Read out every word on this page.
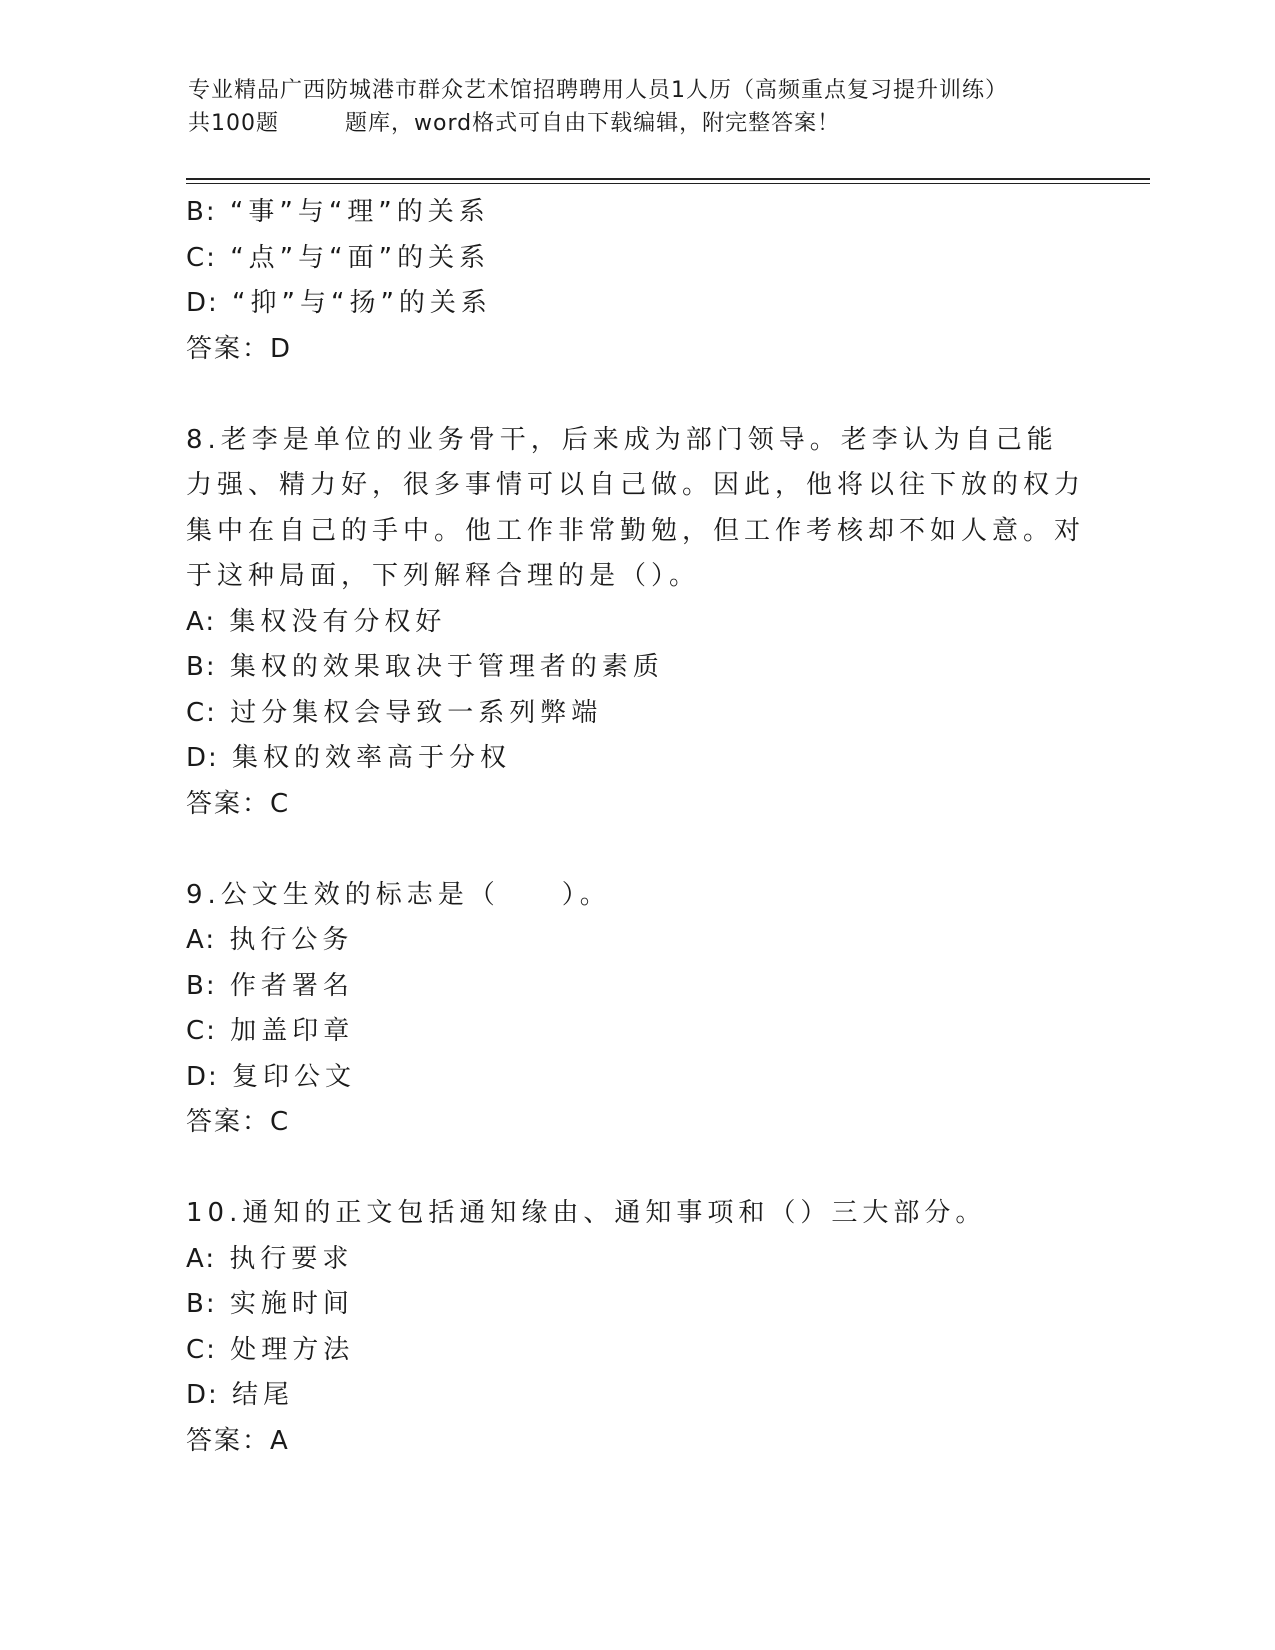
专业精品广西防城港市群众艺术馆招聘聘用人员1人历（高频重点复习提升训练）
共100题	题库，word格式可自由下载编辑，附完整答案！
B: “事”与“理”的关系
C: “点”与“面”的关系
D: “抑”与“扬”的关系
答案：D
8.老李是单位的业务骨干，后来成为部门领导。老李认为自己能力强、精力好，很多事情可以自己做。因此，他将以往下放的权力集中在自己的手中。他工作非常勤勉，但工作考核却不如人意。对于这种局面，下列解释合理的是（）。
A: 集权没有分权好
B: 集权的效果取决于管理者的素质
C: 过分集权会导致一系列弊端
D: 集权的效率高于分权
答案：C
9.公文生效的标志是（　　）。
A: 执行公务
B: 作者署名
C: 加盖印章
D: 复印公文
答案：C
10.通知的正文包括通知缘由、通知事项和（）三大部分。
A: 执行要求
B: 实施时间
C: 处理方法
D: 结尾
答案：A
